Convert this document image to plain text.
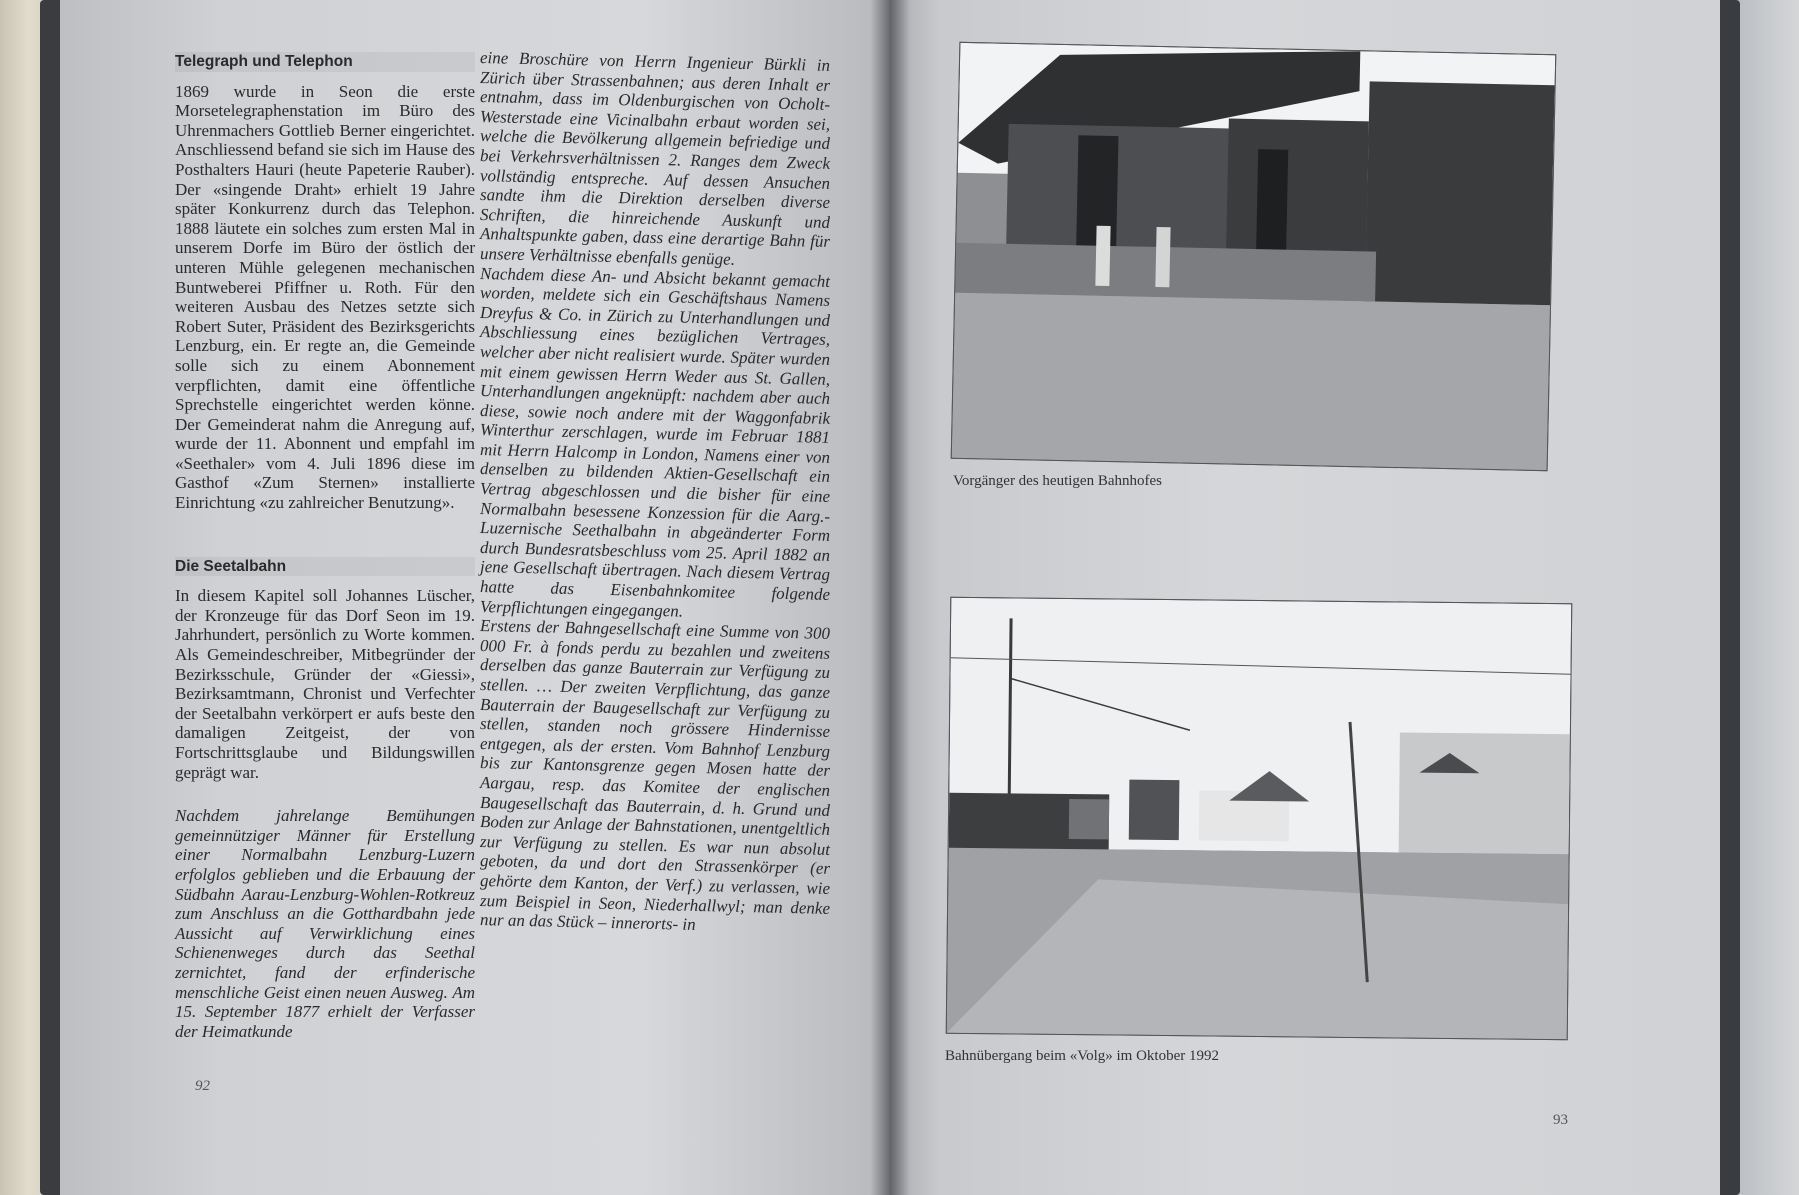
Telegraph und Telephon

1869 wurde in Seon die erste Morsetelegraphenstation im Büro des Uhrenmachers Gottlieb Berner eingerichtet. Anschliessend befand sie sich im Hause des Posthalters Hauri (heute Papeterie Rauber). Der «singende Draht» erhielt 19 Jahre später Konkurrenz durch das Telephon. 1888 läutete ein solches zum ersten Mal in unserem Dorfe im Büro der östlich der unteren Mühle gelegenen mechanischen Buntweberei Pfiffner u. Roth. Für den weiteren Ausbau des Netzes setzte sich Robert Suter, Präsident des Bezirksgerichts Lenzburg, ein. Er regte an, die Gemeinde solle sich zu einem Abonnement verpflichten, damit eine öffentliche Sprechstelle eingerichtet werden könne. Der Gemeinderat nahm die Anregung auf, wurde der 11. Abonnent und empfahl im «Seethaler» vom 4. Juli 1896 diese im Gasthof «Zum Sternen» installierte Einrichtung «zu zahlreicher Benutzung».

Die Seetalbahn

In diesem Kapitel soll Johannes Lüscher, der Kronzeuge für das Dorf Seon im 19. Jahrhundert, persönlich zu Worte kommen. Als Gemeindeschreiber, Mitbegründer der Bezirksschule, Gründer der «Giessi», Bezirksamtmann, Chronist und Verfechter der Seetalbahn verkörpert er aufs beste den damaligen Zeitgeist, der von Fortschrittsglaube und Bildungswillen geprägt war.

Nachdem jahrelange Bemühungen gemeinnütziger Männer für Erstellung einer Normalbahn Lenzburg-Luzern erfolglos geblieben und die Erbauung der Südbahn Aarau-Lenzburg-Wohlen-Rotkreuz zum Anschluss an die Gotthardbahn jede Aussicht auf Verwirklichung eines Schienenweges durch das Seethal zernichtet, fand der erfinderische menschliche Geist einen neuen Ausweg. Am 15. September 1877 erhielt der Verfasser der Heimatkunde

eine Broschüre von Herrn Ingenieur Bürkli in Zürich über Strassenbahnen; aus deren Inhalt er entnahm, dass im Oldenburgischen von Ocholt-Westerstade eine Vicinalbahn erbaut worden sei, welche die Bevölkerung allgemein befriedige und bei Verkehrsverhältnissen 2. Ranges dem Zweck vollständig entspreche. Auf dessen Ansuchen sandte ihm die Direktion derselben diverse Schriften, die hinreichende Auskunft und Anhaltspunkte gaben, dass eine derartige Bahn für unsere Verhältnisse ebenfalls genüge.

Nachdem diese An- und Absicht bekannt gemacht worden, meldete sich ein Geschäftshaus Namens Dreyfus & Co. in Zürich zu Unterhandlungen und Abschliessung eines bezüglichen Vertrages, welcher aber nicht realisiert wurde. Später wurden mit einem gewissen Herrn Weder aus St. Gallen, Unterhandlungen angeknüpft: nachdem aber auch diese, sowie noch andere mit der Waggonfabrik Winterthur zerschlagen, wurde im Februar 1881 mit Herrn Halcomp in London, Namens einer von denselben zu bildenden Aktien-Gesellschaft ein Vertrag abgeschlossen und die bisher für eine Normalbahn besessene Konzession für die Aarg.-Luzernische Seethalbahn in abgeänderter Form durch Bundesratsbeschluss vom 25. April 1882 an jene Gesellschaft übertragen. Nach diesem Vertrag hatte das Eisenbahnkomitee folgende Verpflichtungen eingegangen.

Erstens der Bahngesellschaft eine Summe von 300 000 Fr. à fonds perdu zu bezahlen und zweitens derselben das ganze Bauterrain zur Verfügung zu stellen. … Der zweiten Verpflichtung, das ganze Bauterrain der Baugesellschaft zur Verfügung zu stellen, standen noch grössere Hindernisse entgegen, als der ersten. Vom Bahnhof Lenzburg bis zur Kantonsgrenze gegen Mosen hatte der Aargau, resp. das Komitee der englischen Baugesellschaft das Bauterrain, d. h. Grund und Boden zur Anlage der Bahnstationen, unentgeltlich zur Verfügung zu stellen. Es war nun absolut geboten, da und dort den Strassenkörper (er gehörte dem Kanton, der Verf.) zu verlassen, wie zum Beispiel in Seon, Niederhallwyl; man denke nur an das Stück – innerorts- in

92
Vorgänger des heutigen Bahnhofes
Bahnübergang beim «Volg» im Oktober 1992
93
